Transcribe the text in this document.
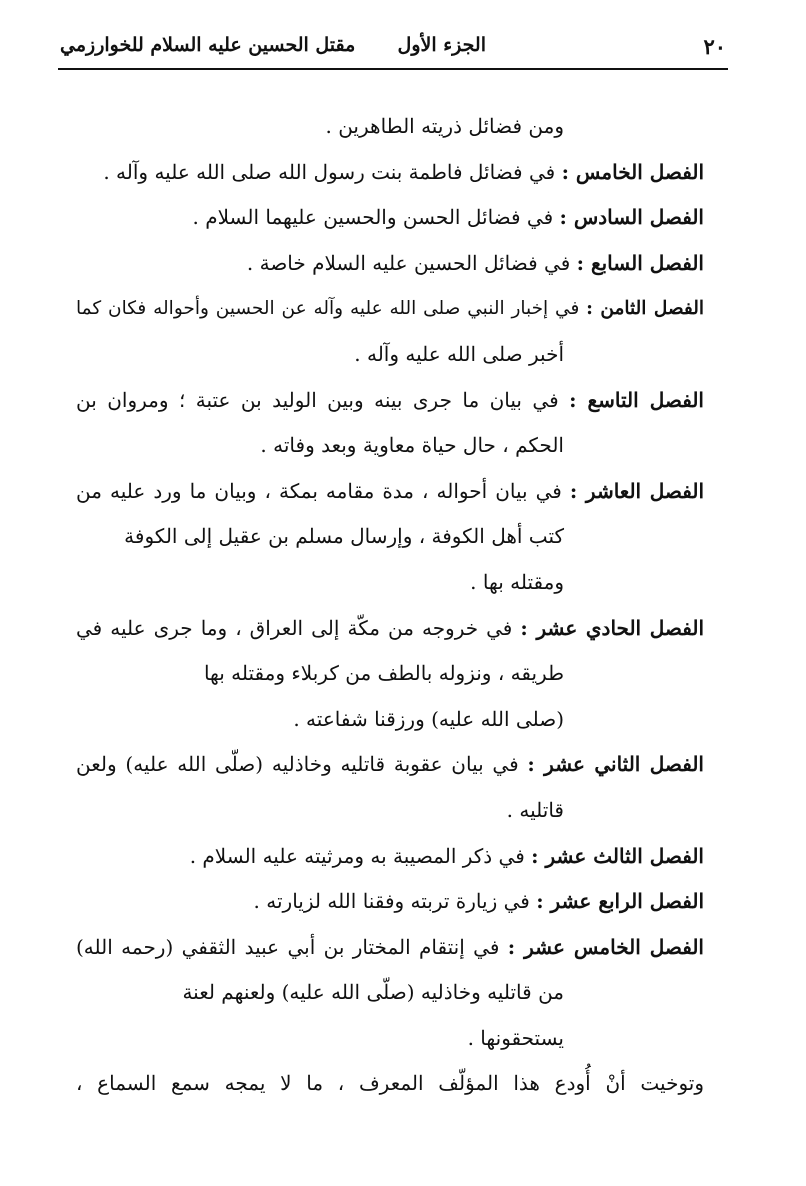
٢٠
الجزء الأول
مقتل الحسين عليه السلام للخوارزمي
ومن فضائل ذريته الطاهرين .
الفصل الخامس : في فضائل فاطمة بنت رسول الله صلى الله عليه وآله .
الفصل السادس : في فضائل الحسن والحسين عليهما السلام .
الفصل السابع : في فضائل الحسين عليه السلام خاصة .
الفصل الثامن : في إخبار النبي صلى الله عليه وآله عن الحسين وأحواله فكان كما
أخبر صلى الله عليه وآله .
الفصل التاسع : في بيان ما جرى بينه وبين الوليد بن عتبة ؛ ومروان بن
الحكم ، حال حياة معاوية وبعد وفاته .
الفصل العاشر : في بيان أحواله ، مدة مقامه بمكة ، وبيان ما ورد عليه من
كتب أهل الكوفة ، وإرسال مسلم بن عقيل إلى الكوفة
ومقتله بها .
الفصل الحادي عشر : في خروجه من مكّة إلى العراق ، وما جرى عليه في
طريقه ، ونزوله بالطف من كربلاء ومقتله بها
(صلى الله عليه) ورزقنا شفاعته .
الفصل الثاني عشر : في بيان عقوبة قاتليه وخاذليه (صلّى الله عليه) ولعن
قاتليه .
الفصل الثالث عشر : في ذكر المصيبة به ومرثيته عليه السلام .
الفصل الرابع عشر : في زيارة تربته وفقنا الله لزيارته .
الفصل الخامس عشر : في إنتقام المختار بن أبي عبيد الثقفي (رحمه الله)
من قاتليه وخاذليه (صلّى الله عليه) ولعنهم لعنة
يستحقونها .
وتوخيت أنْ أُودع هذا المؤلّف المعرف ، ما لا يمجه سمع السماع ،
